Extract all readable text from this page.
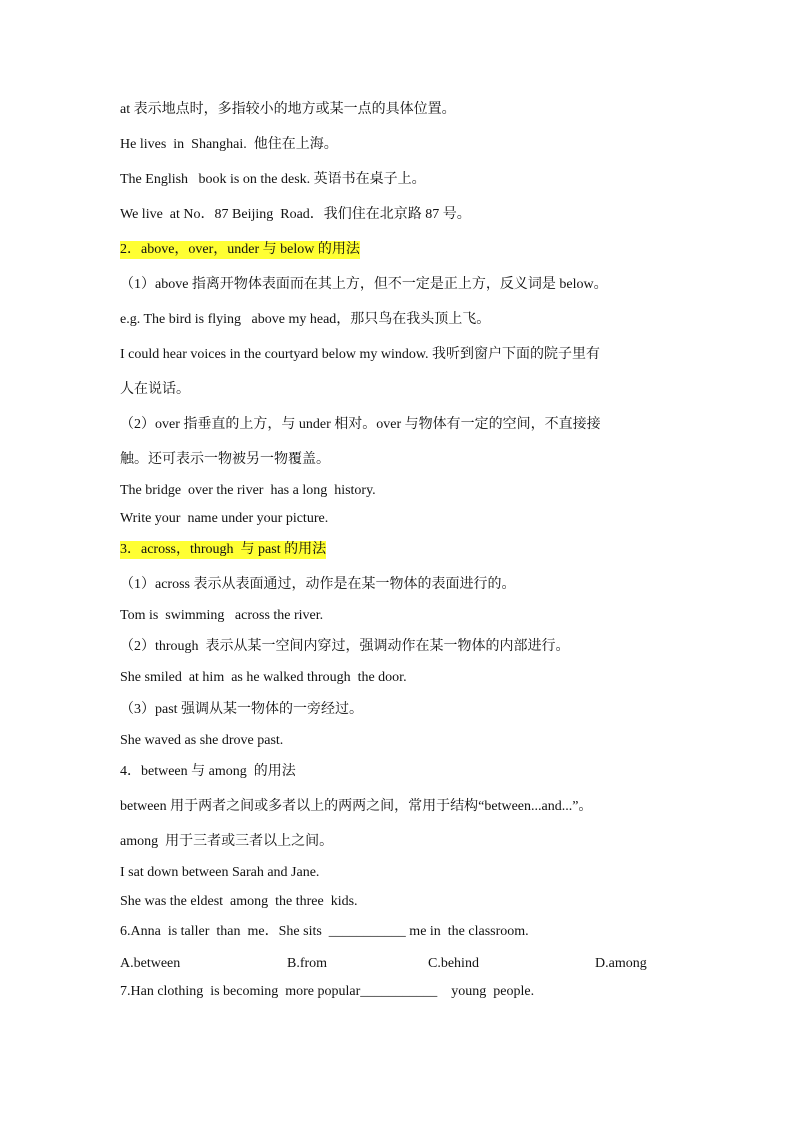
at 表示地点时，多指较小的地方或某一点的具体位置。
He lives  in  Shanghai.  他住在上海。
The English   book is on the desk. 英语书在桌子上。
We live  at No．87 Beijing  Road．我们住在北京路 87 号。
2．above，over，under 与 below 的用法
（1）above 指离开物体表面而在其上方，但不一定是正上方，反义词是 below。
e.g. The bird is flying   above my head，那只鸟在我头顶上飞。
I could hear voices in the courtyard below my window. 我听到窗户下面的院子里有
人在说话。
（2）over 指垂直的上方，与 under 相对。over 与物体有一定的空间，不直接接
触。还可表示一物被另一物覆盖。
The bridge  over the river  has a long  history.
Write your  name under your picture.
3．across，through  与 past 的用法
（1）across 表示从表面通过，动作是在某一物体的表面进行的。
Tom is  swimming   across the river.
（2）through  表示从某一空间内穿过，强调动作在某一物体的内部进行。
She smiled  at him  as he walked through  the door.
（3）past 强调从某一物体的一旁经过。
She waved as she drove past.
4．between 与 among  的用法
between 用于两者之间或多者以上的两两之间，常用于结构“between...and...”。
among  用于三者或三者以上之间。
I sat down between Sarah and Jane.
She was the eldest  among  the three  kids.
6.Anna  is taller  than  me．She sits  ___________ me in  the classroom.
A.between	B.from	C.behind	D.among
7.Han clothing  is becoming  more popular___________    young  people.
